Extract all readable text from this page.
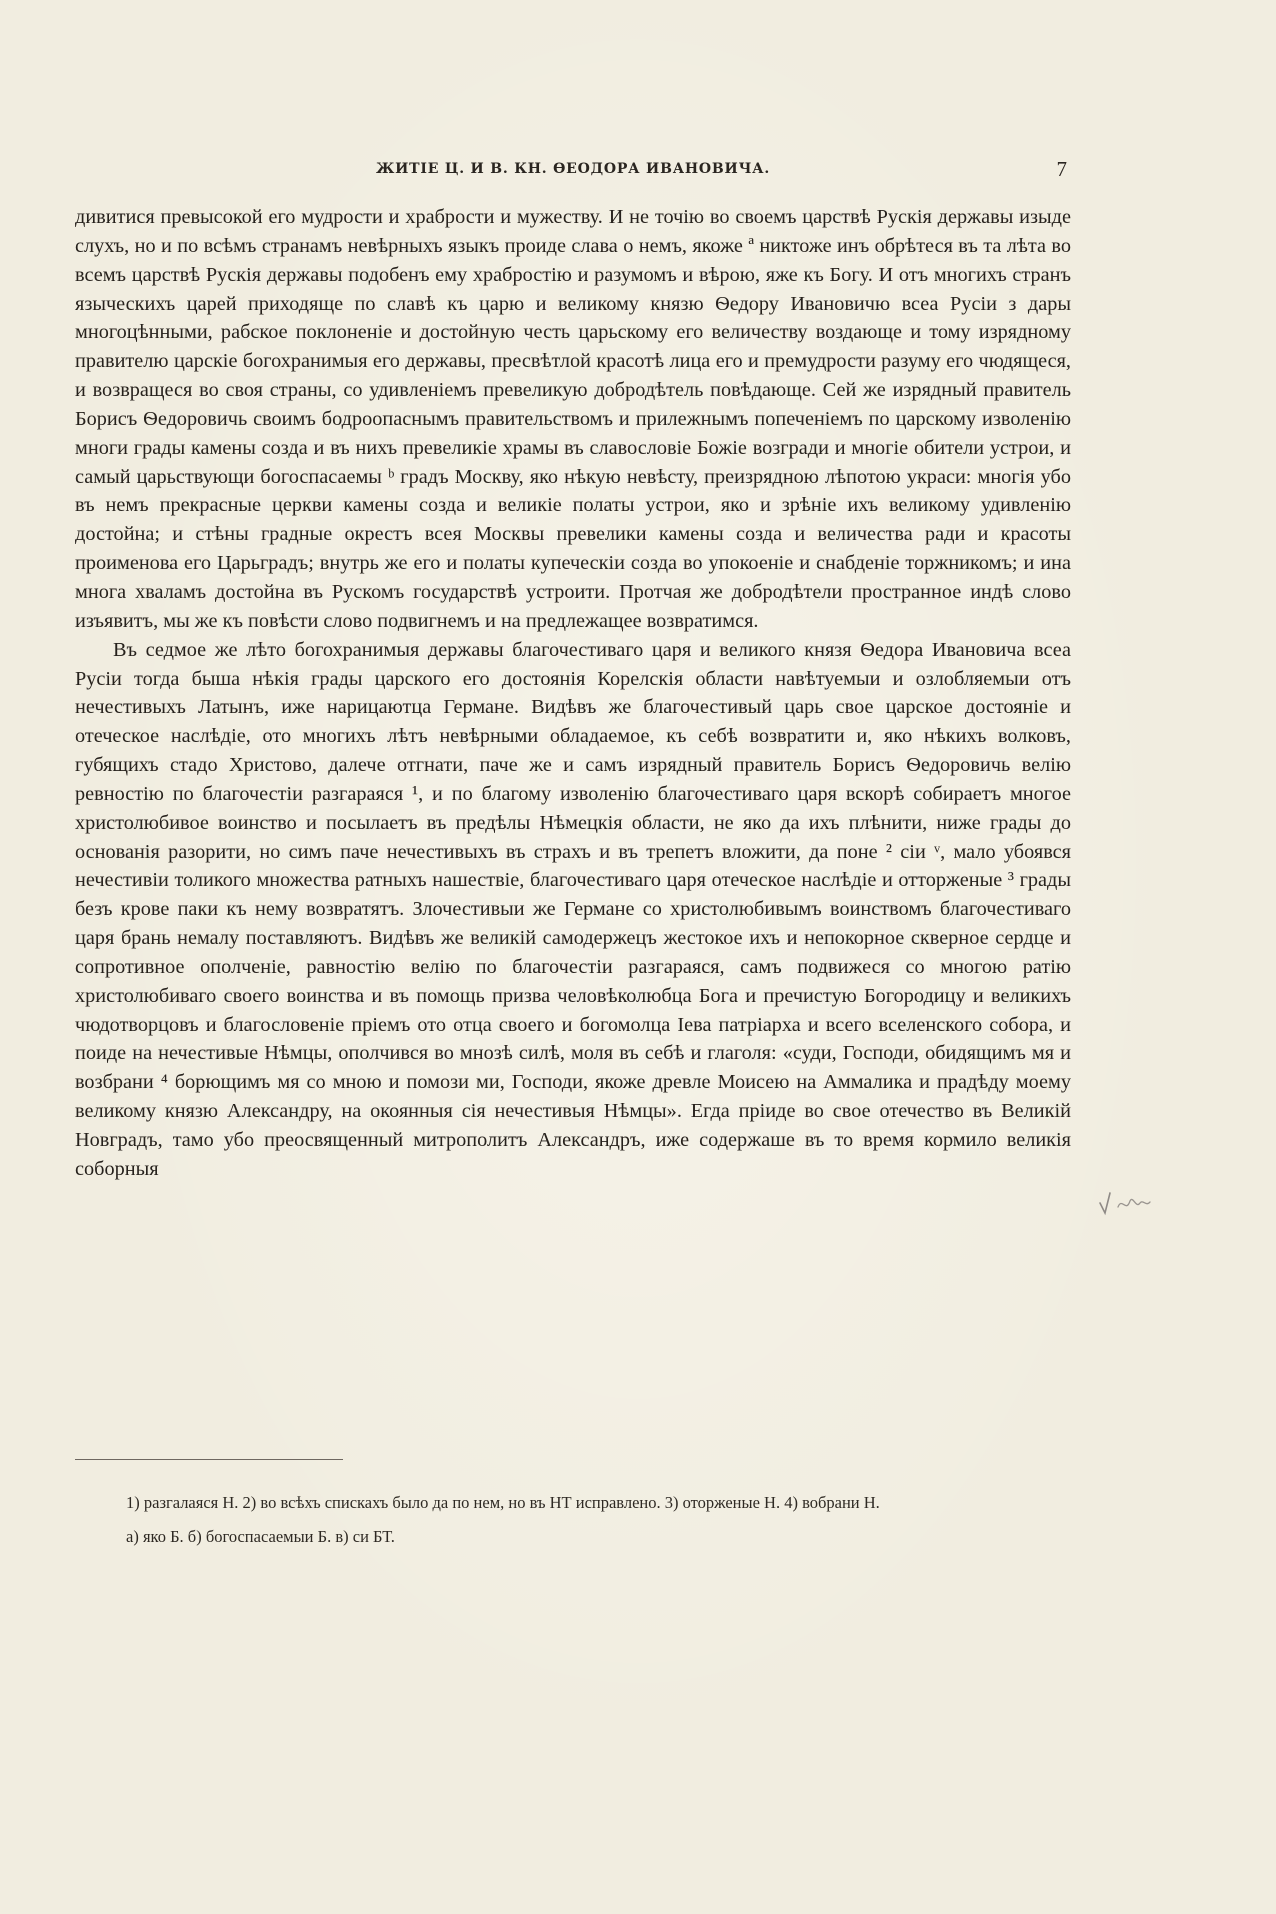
ЖИТІЕ Ц. И В. КН. ѲЕОДОРА ИВАНОВИЧА.	7

дивитися превысокой его мудрости и храбрости и мужеству. И не точію во своемъ царствѣ Рускія державы изыде слухъ, но и по всѣмъ странамъ невѣрныхъ языкъ проиде слава о немъ, якоже ª никтоже инъ обрѣтеся въ та лѣта во всемъ царствѣ Рускія державы подобенъ ему храбростію и разумомъ и вѣрою, яже къ Богу. И отъ многихъ странъ языческихъ царей приходяще по славѣ къ царю и великому князю Ѳедору Ивановичю всеа Русіи з дары многоцѣнными, рабское поклоненіе и достойную честь царьскому его величеству воздающе и тому изрядному правителю царскіе богохранимыя его державы, пресвѣтлой красотѣ лица его и премудрости разуму его чюдящеся, и возвращеся во своя страны, со удивленіемъ превеликую добродѣтель повѣдающе. Сей же изрядный правитель Борисъ Ѳедоровичь своимъ бодроопаснымъ правительствомъ и прилежнымъ попеченіемъ по царскому изволенію многи грады камены созда и въ нихъ превеликіе храмы въ славословіе Божіе возгради и многіе обители устрои, и самый царьствующи богоспасаемы ᵇ градъ Москву, яко нѣкую невѣсту, преизрядною лѣпотою украси: многія убо въ немъ прекрасные церкви камены созда и великіе полаты устрои, яко и зрѣніе ихъ великому удивленію достойна; и стѣны градные окрестъ всея Москвы превелики камены созда и величества ради и красоты проименова его Царьградъ; внутрь же его и полаты купеческіи созда во упокоеніе и снабденіе торжникомъ; и ина многа хваламъ достойна въ Рускомъ государствѣ устроити. Протчая же добродѣтели пространное индѣ слово изъявитъ, мы же къ повѣсти слово подвигнемъ и на предлежащее возвратимся.

Въ седмое же лѣто богохранимыя державы благочестиваго царя и великого князя Ѳедора Ивановича всеа Русіи тогда быша нѣкія грады царского его достоянія Корелскія области навѣтуемыи и озлобляемыи отъ нечестивыхъ Латынъ, иже нарицаютца Германе. Видѣвъ же благочестивый царь свое царское достояніе и отеческое наслѣдіе, ото многихъ лѣтъ невѣрными обладаемое, къ себѣ возвратити и, яко нѣкихъ волковъ, губящихъ стадо Христово, далече отгнати, паче же и самъ изрядный правитель Борисъ Ѳедоровичь велію ревностію по благочестіи разгараяся ¹, и по благому изволенію благочестиваго царя вскорѣ собираетъ многое христолюбивое воинство и посылаетъ въ предѣлы Нѣмецкія области, не яко да ихъ плѣнити, ниже грады до основанія разорити, но симъ паче нечестивыхъ въ страхъ и въ трепетъ вложити, да поне ² сіи ᵛ, мало убоявся нечестивіи толикого множества ратныхъ нашествіе, благочестиваго царя отеческое наслѣдіе и отторженые ³ грады безъ крове паки къ нему возвратятъ. Злочестивыи же Германе со христолюбивымъ воинствомъ благочестиваго царя брань немалу поставляютъ. Видѣвъ же великій самодержецъ жестокое ихъ и непокорное скверное сердце и сопротивное ополченіе, равностію велію по благочестіи разгараяся, самъ подвижеся со многою ратію христолюбиваго своего воинства и въ помощь призва человѣколюбца Бога и пречистую Богородицу и великихъ чюдотворцовъ и благословеніе пріемъ ото отца своего и богомолца Іева патріарха и всего вселенского собора, и поиде на нечестивые Нѣмцы, ополчився во мнозѣ силѣ, моля въ себѣ и глаголя: «суди, Господи, обидящимъ мя и возбрани ⁴ борющимъ мя со мною и помози ми, Господи, якоже древле Моисею на Аммалика и прадѣду моему великому князю Александру, на окоянныя сія нечестивыя Нѣмцы». Егда пріиде во свое отечество въ Великій Новградъ, тамо убо преосвященный митрополитъ Александръ, иже содержаше въ то время кормило великія соборныя

1) разгалаяся Н. 2) во всѣхъ спискахъ было да по нем, но въ НТ исправлено. 3) оторженые Н. 4) вобрани Н.

а) яко Б. б) богоспасаемыи Б. в) си БТ.
